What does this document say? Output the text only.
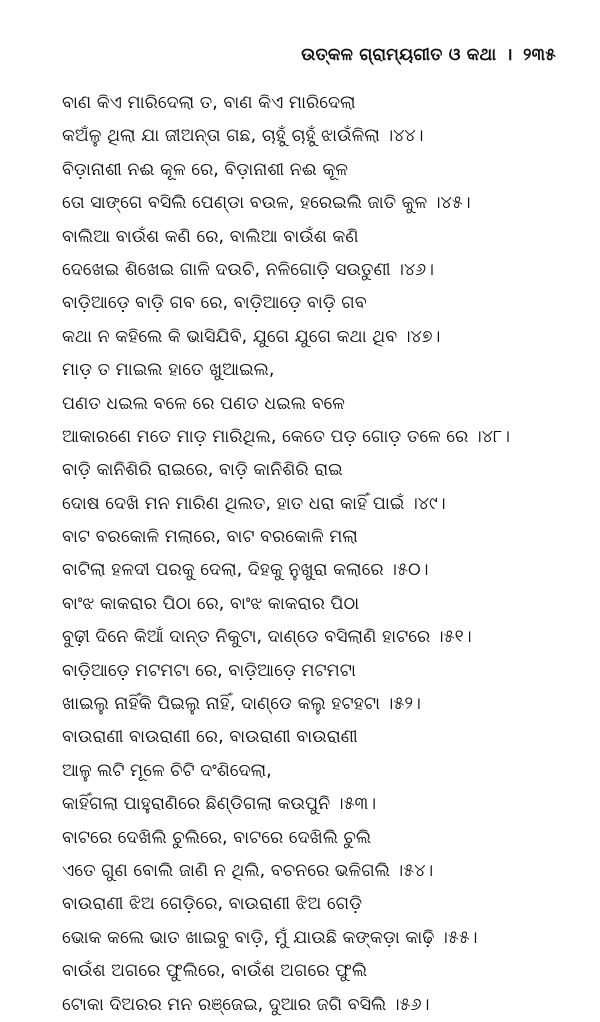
ଉତ୍କଳ ଗ୍ରାମ୍ୟଗୀତ ଓ କଥା । ୨୩୫
ବାଣ କିଏ ମାରିଦେଲା ତ, ବାଣ କିଏ ମାରିଦେଲା
କଅଁଳୁ ଥିଲା ଯା ଜୀଅନ୍ତା ଗଛ, ଚାହୁଁ ଚାହୁଁ ଝାଉଁଳିଲା ।୪୪।
ବିଡ଼ାନାଶୀ ନଈ କୂଳ ରେ, ବିଡ଼ାନାଶୀ ନଈ କୂଳ
ତୋ ସାଙ୍ଗେ ବସିଲି ପେଣ୍ଡା ବଉଳ, ହରେଇଲି ଜାତି କୁଳ ।୪୫।
ବାଲିଆ ବାଉଁଶ କଣି ରେ, ବାଲିଆ ବାଉଁଶ କଣି
ଦେଖେଇ ଶିଖେଇ ଗାଳି ଦଉଚି, ନଳିଗୋଡ଼ି ସଉତୁଣୀ ।୪୬।
ବାଡ଼ିଆଡ଼େ ବାଡ଼ି ଗବ ରେ, ବାଡ଼ିଆଡ଼େ ବାଡ଼ି ଗବ
କଥା ନ କହିଲେ କି ଭାସିଯିବି, ଯୁଗେ ଯୁଗେ କଥା ଥିବ ।୪୭।
ମାଡ଼ ତ ମାଇଲ ହାତେ ଖୁଆଇଲ,
ପଣତ ଧଇଲ ବଳେ ରେ ପଣତ ଧଇଲ ବଳେ
ଆକାରଣେ ମତେ ମାଡ଼ ମାରିଥିଲ, କେତେ ପଡ଼ ଗୋଡ଼ ତଳେ ରେ ।୪୮।
ବାଡ଼ି କାନିଶିରି ରାଇରେ, ବାଡ଼ି କାନିଶିରି ରାଇ
ଦୋଷ ଦେଖି ମନ ମାରିଣ ଥିଲତ, ହାତ ଧରା କାହିଁ ପାଇଁ ।୪୯।
ବାଟ ବରକୋଳି ମଲାରେ, ବାଟ ବରକୋଳି ମଲା
ବାଟିଲା ହଳଦୀ ପରକୁ ଦେଲା, ଦିହକୁ ନୁଖୁରା କଲାରେ ।୫୦।
ବାଂଝ କାକରାର ପିଠା ରେ, ବାଂଝ କାକରାର ପିଠା
ବୁଢ଼ୀ ଦିନେ କିଆଁ ଦାନ୍ତ ନିକୁଟା, ଦାଣ୍ଡେ ବସିଲାଣି ହାଟରେ ।୫୧।
ବାଡ଼ିଆଡ଼େ ମଟମଟା ରେ, ବାଡ଼ିଆଡ଼େ ମଟମଟା
ଖାଇଲୁ ନାହିଁକି ପିଇଲୁ ନାହିଁ, ଦାଣ୍ଡେ କଲୁ ହଟହଟା ।୫୨।
ବାଉରାଣୀ ବାଉରାଣୀ ରେ, ବାଉରାଣୀ ବାଉରାଣୀ
ଆଳୁ ଲଟି ମୂଳେ ଚିଟି ଦଂଶିଦେଲା,
କାହିଁଗଲା ପାହୁରାଣିରେ ଛିଣ୍ଡିଗଲା କଉପୁନି ।୫୩।
ବାଟରେ ଦେଖିଲି ଚୁଲିରେ, ବାଟରେ ଦେଖିଲି ଚୁଲି
ଏତେ ଗୁଣ ବୋଲି ଜାଣି ନ ଥିଲି, ବଚନରେ ଭଳିଗଲି ।୫୪।
ବାଉରାଣୀ ଝିଅ ଗେଡ଼ିରେ, ବାଉରାଣୀ ଝିଅ ଗେଡ଼ି
ଭୋକ କଲେ ଭାତ ଖାଇବୁ ବାଡ଼ି, ମୁଁ ଯାଉଛି କଙ୍କଡ଼ା କାଢ଼ି ।୫୫।
ବାଉଁଶ ଅଗରେ ଫୁଲିରେ, ବାଉଁଶ ଅଗରେ ଫୁଲି
ଟୋକା ଦିଅରର ମନ ରଞ୍ଜେଇ, ଦୁଆର ଜଗି ବସିଲି ।୫୬।
